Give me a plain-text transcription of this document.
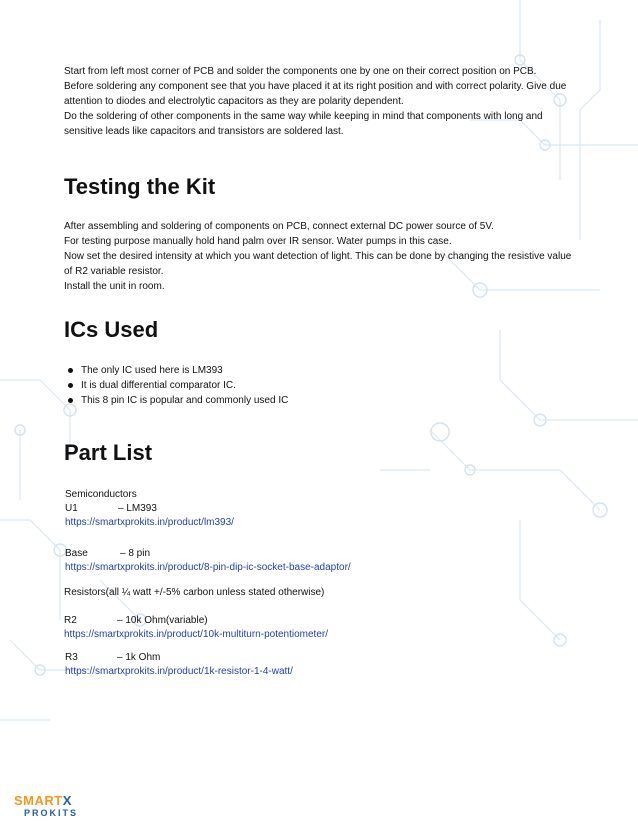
Start from left most corner of PCB and solder the components one by one on their correct position on PCB.

Before soldering any component see that you have placed it at its right position and with correct polarity. Give due attention to diodes and electrolytic capacitors as they are polarity dependent.

Do the soldering of other components in the same way while keeping in mind that components with long and sensitive leads like capacitors and transistors are soldered last.

Testing the Kit

After assembling and soldering of components on PCB, connect external DC power source of 5V.

For testing purpose manually hold hand palm over IR sensor. Water pumps in this case.

Now set the desired intensity at which you want detection of light. This can be done by changing the resistive value of R2 variable resistor.

Install the unit in room.

ICs Used
The only IC used here is LM393
It is dual differential comparator IC.
This 8 pin IC is popular and commonly used IC
Part List
Semiconductors
U1	– LM393
https://smartxprokits.in/product/lm393/
Base	– 8 pin
https://smartxprokits.in/product/8-pin-dip-ic-socket-base-adaptor/
Resistors(all ¼ watt +/-5% carbon unless stated otherwise)
R2	– 10k Ohm(variable)
https://smartxprokits.in/product/10k-multiturn-potentiometer/
R3	– 1k Ohm
https://smartxprokits.in/product/1k-resistor-1-4-watt/
SMARTX
PROKITS
